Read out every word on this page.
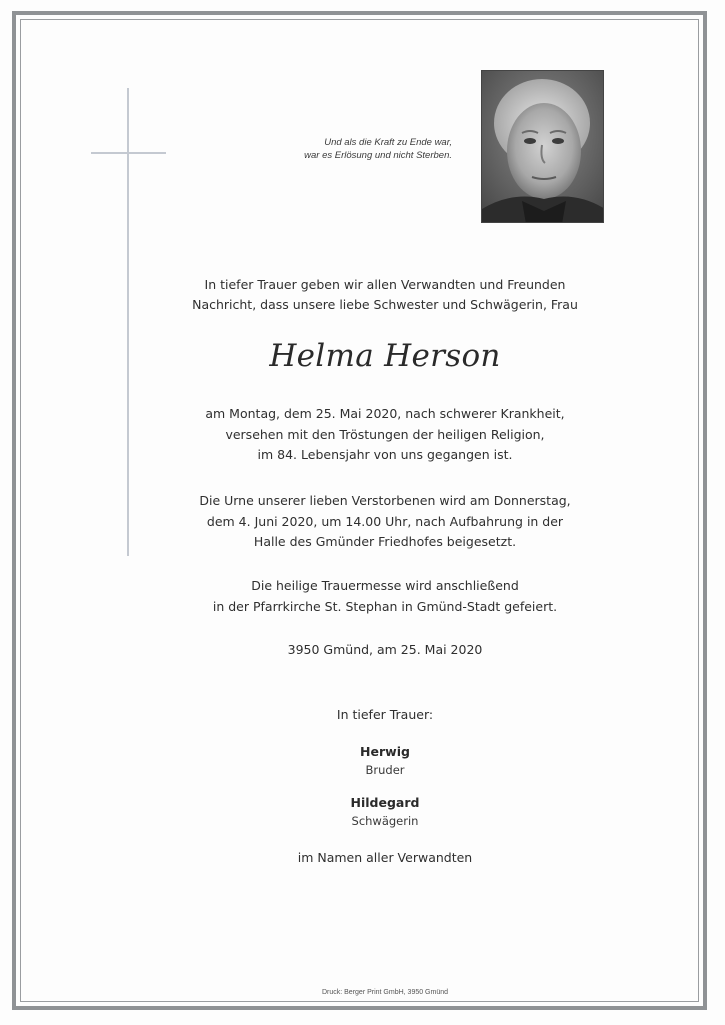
Und als die Kraft zu Ende war,
war es Erlösung und nicht Sterben.
In tiefer Trauer geben wir allen Verwandten und Freunden
Nachricht, dass unsere liebe Schwester und Schwägerin, Frau
Helma Herson
am Montag, dem 25. Mai 2020, nach schwerer Krankheit,
versehen mit den Tröstungen der heiligen Religion,
im 84. Lebensjahr von uns gegangen ist.
Die Urne unserer lieben Verstorbenen wird am Donnerstag,
dem 4. Juni 2020, um 14.00 Uhr, nach Aufbahrung in der
Halle des Gmünder Friedhofes beigesetzt.
Die heilige Trauermesse wird anschließend
in der Pfarrkirche St. Stephan in Gmünd-Stadt gefeiert.
3950 Gmünd, am 25. Mai 2020
In tiefer Trauer:
Herwig
Bruder
Hildegard
Schwägerin
im Namen aller Verwandten
Druck: Berger Print GmbH, 3950 Gmünd
